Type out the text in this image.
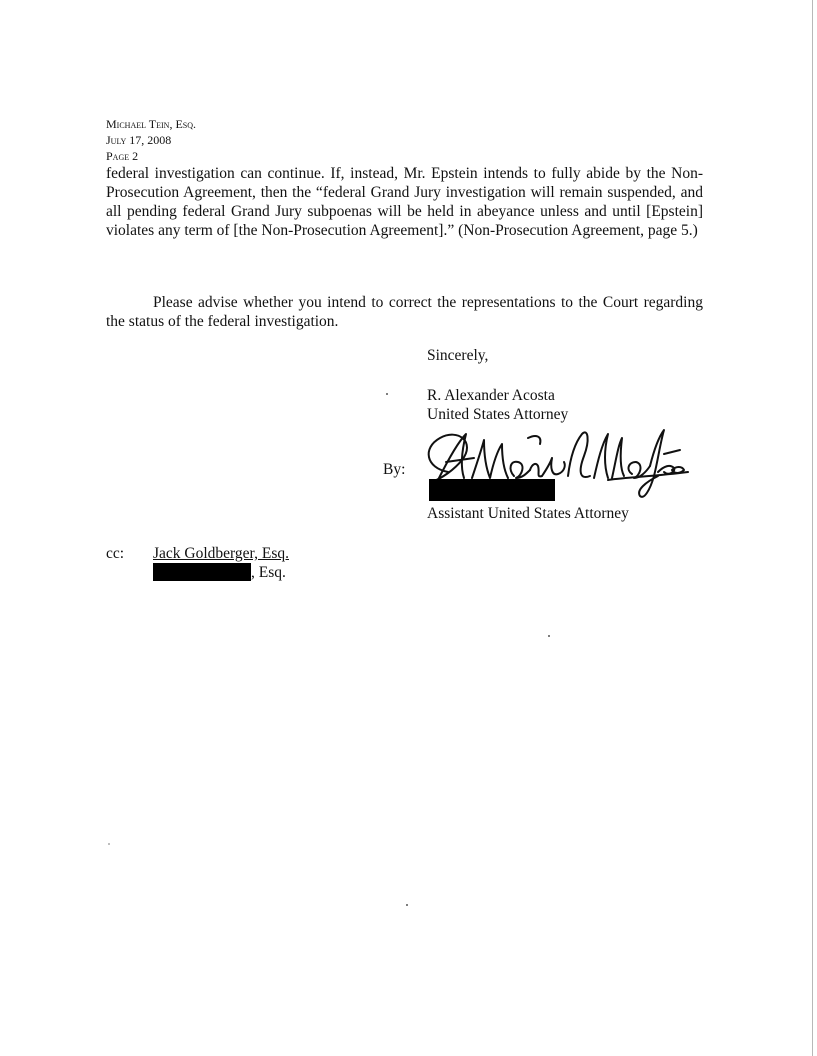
Michael Tein, Esq.
July 17, 2008
Page 2
federal investigation can continue. If, instead, Mr. Epstein intends to fully abide by the Non-Prosecution Agreement, then the “federal Grand Jury investigation will remain suspended, and all pending federal Grand Jury subpoenas will be held in abeyance unless and until [Epstein] violates any term of [the Non-Prosecution Agreement].” (Non-Prosecution Agreement, page 5.)
Please advise whether you intend to correct the representations to the Court regarding the status of the federal investigation.
Sincerely,
R. Alexander Acosta
United States Attorney
By:
Assistant United States Attorney
cc: Jack Goldberger, Esq.
, Esq.
